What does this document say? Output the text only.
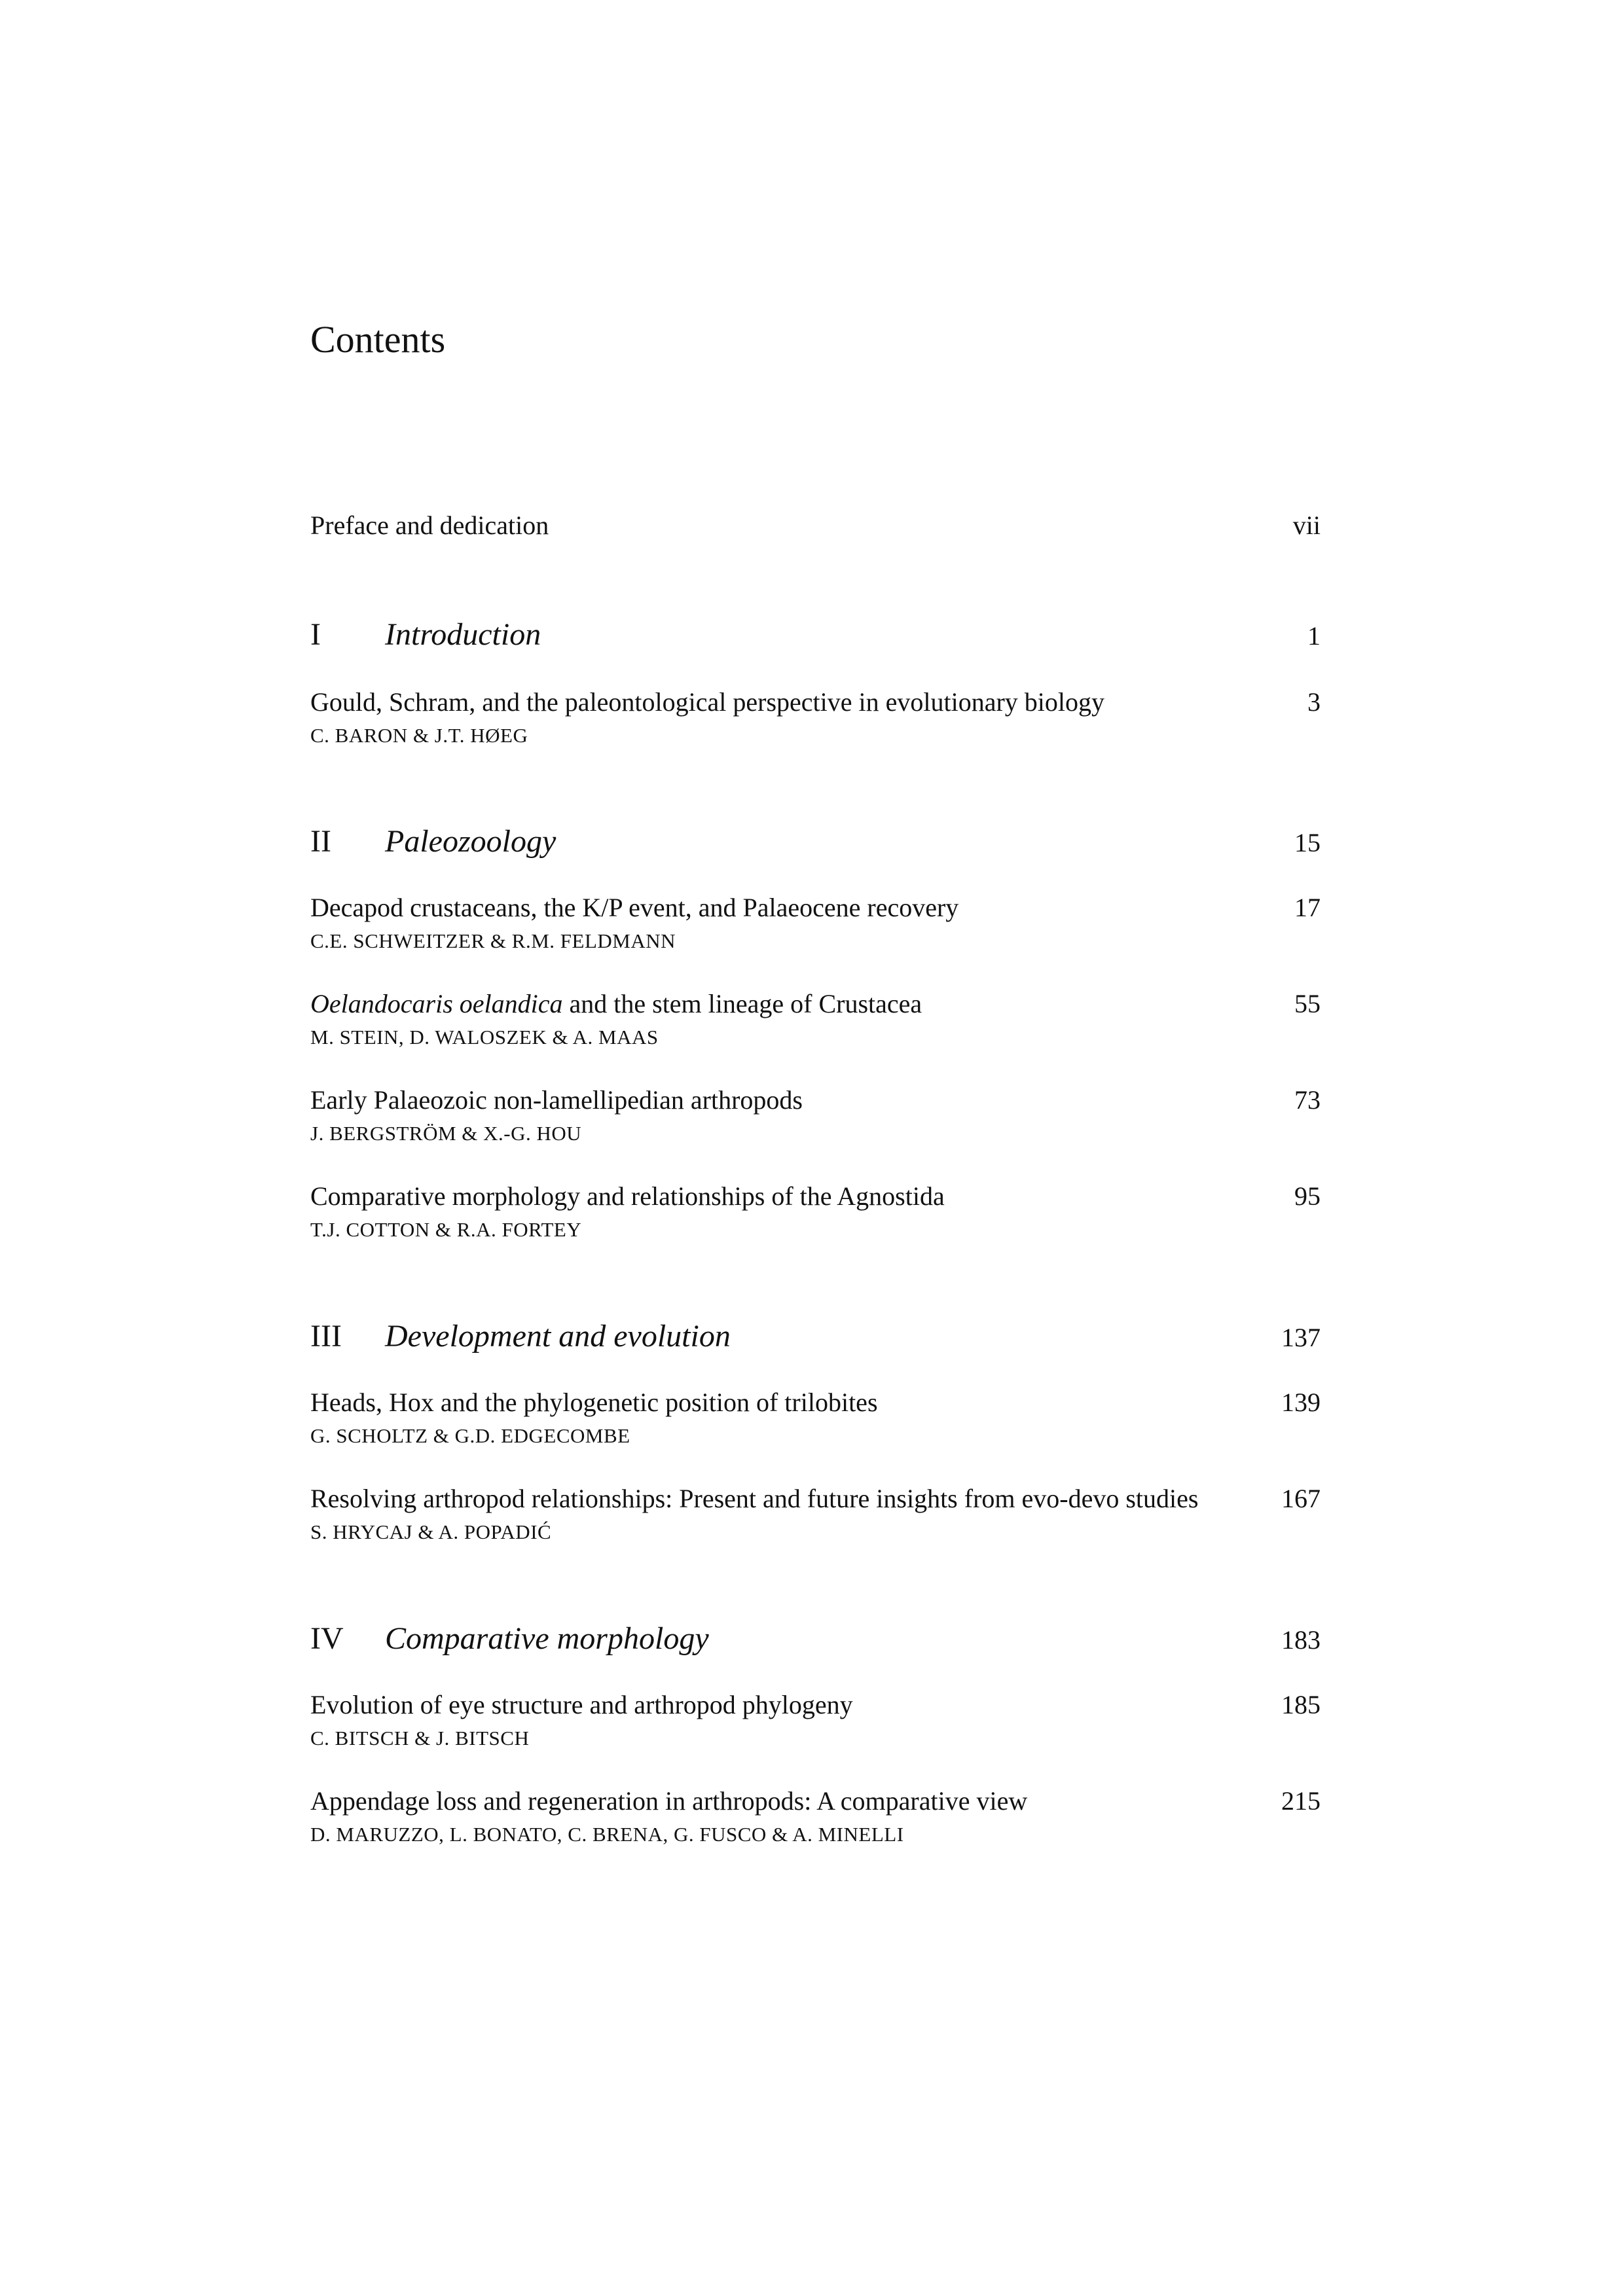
Contents
Preface and dedication	vii
I Introduction	1
Gould, Schram, and the paleontological perspective in evolutionary biology	3
C. BARON & J.T. HØEG
II Paleozoology	15
Decapod crustaceans, the K/P event, and Palaeocene recovery	17
C.E. SCHWEITZER & R.M. FELDMANN
Oelandocaris oelandica and the stem lineage of Crustacea	55
M. STEIN, D. WALOSZEK & A. MAAS
Early Palaeozoic non-lamellipedian arthropods	73
J. BERGSTRÖM & X.-G. HOU
Comparative morphology and relationships of the Agnostida	95
T.J. COTTON & R.A. FORTEY
III Development and evolution	137
Heads, Hox and the phylogenetic position of trilobites	139
G. SCHOLTZ & G.D. EDGECOMBE
Resolving arthropod relationships: Present and future insights from evo-devo studies	167
S. HRYCAJ & A. POPADIĆ
IV Comparative morphology	183
Evolution of eye structure and arthropod phylogeny	185
C. BITSCH & J. BITSCH
Appendage loss and regeneration in arthropods: A comparative view	215
D. MARUZZO, L. BONATO, C. BRENA, G. FUSCO & A. MINELLI
